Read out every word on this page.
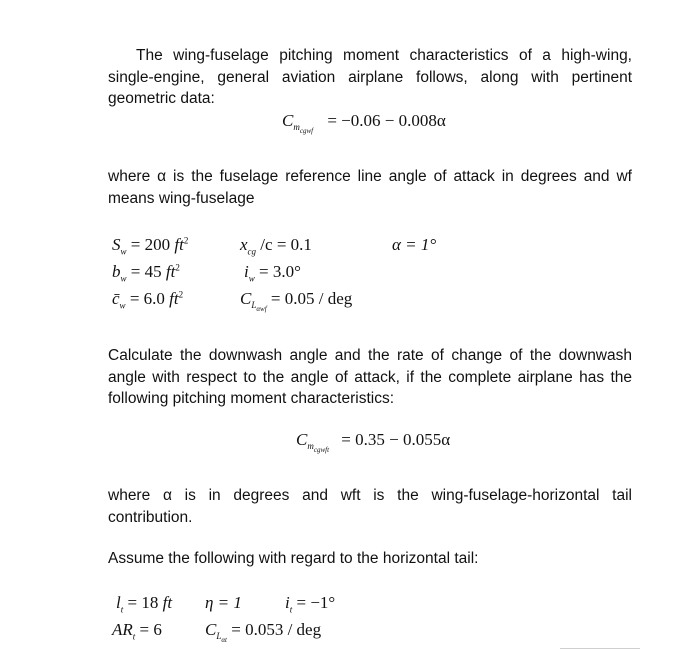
The wing-fuselage pitching moment characteristics of a high-wing, single-engine, general aviation airplane follows, along with pertinent geometric data:

$C_{m_{cgwf}} = -0.06 - 0.008\alpha$

where α is the fuselage reference line angle of attack in degrees and wf means wing-fuselage

$S_w = 200$ $ft^2$
$b_w = 45$ $ft^2$
$c̄_w = 6.0$ $ft^2$
$x_{cg}$ /c = 0.1
$i_w = 3.0^\circ$
$C_{L_{\alpha wf}} = 0.05$ / deg
α = 1°

Calculate the downwash angle and the rate of change of the downwash angle with respect to the angle of attack, if the complete airplane has the following pitching moment characteristics:

$C_{m_{cgwft}} = 0.35 - 0.055\alpha$

where α is in degrees and wft is the wing-fuselage-horizontal tail contribution.

Assume the following with regard to the horizontal tail:

$l_t = 18$ ft
$AR_t = 6$
η = 1	$i_t = -1^\circ$
$C_{L_{\alpha t}} = 0.053$ / deg
